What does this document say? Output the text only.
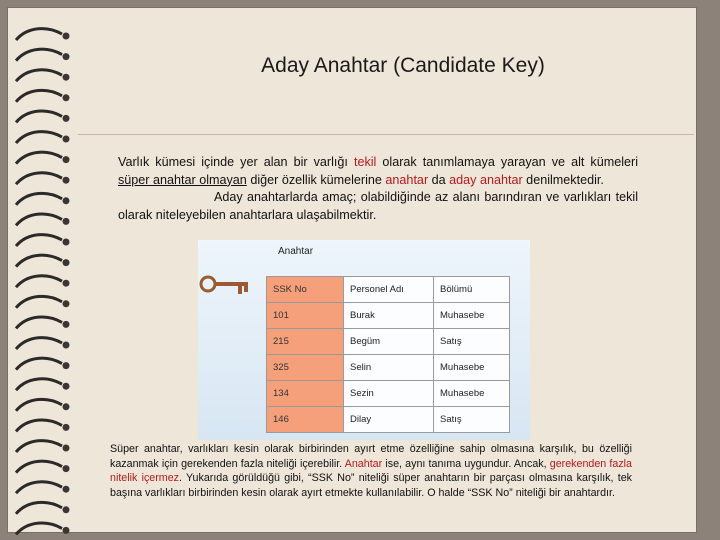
Aday Anahtar (Candidate Key)
Varlık kümesi içinde yer alan bir varlığı tekil olarak tanımlamaya yarayan ve alt kümeleri süper anahtar olmayan diğer özellik kümelerine anahtar da aday anahtar denilmektedir.
Aday anahtarlarda amaç; olabildiğinde az alanı barındıran ve varlıkları tekil olarak niteleyebilen anahtarlara ulaşabilmektir.
Anahtar
SSK No	Personel Adı	Bölümü
101	Burak	Muhasebe
215	Begüm	Satış
325	Selin	Muhasebe
134	Sezin	Muhasebe
146	Dilay	Satış
Süper anahtar, varlıkları kesin olarak birbirinden ayırt etme özelliğine sahip olmasına karşılık, bu özelliği kazanmak için gerekenden fazla niteliği içerebilir. Anahtar ise, aynı tanıma uygundur. Ancak, gerekenden fazla nitelik içermez. Yukarıda görüldüğü gibi, “SSK No” niteliği süper anahtarın bir parçası olmasına karşılık, tek başına varlıkları birbirinden kesin olarak ayırt etmekte kullanılabilir. O halde “SSK No” niteliği bir anahtardır.
